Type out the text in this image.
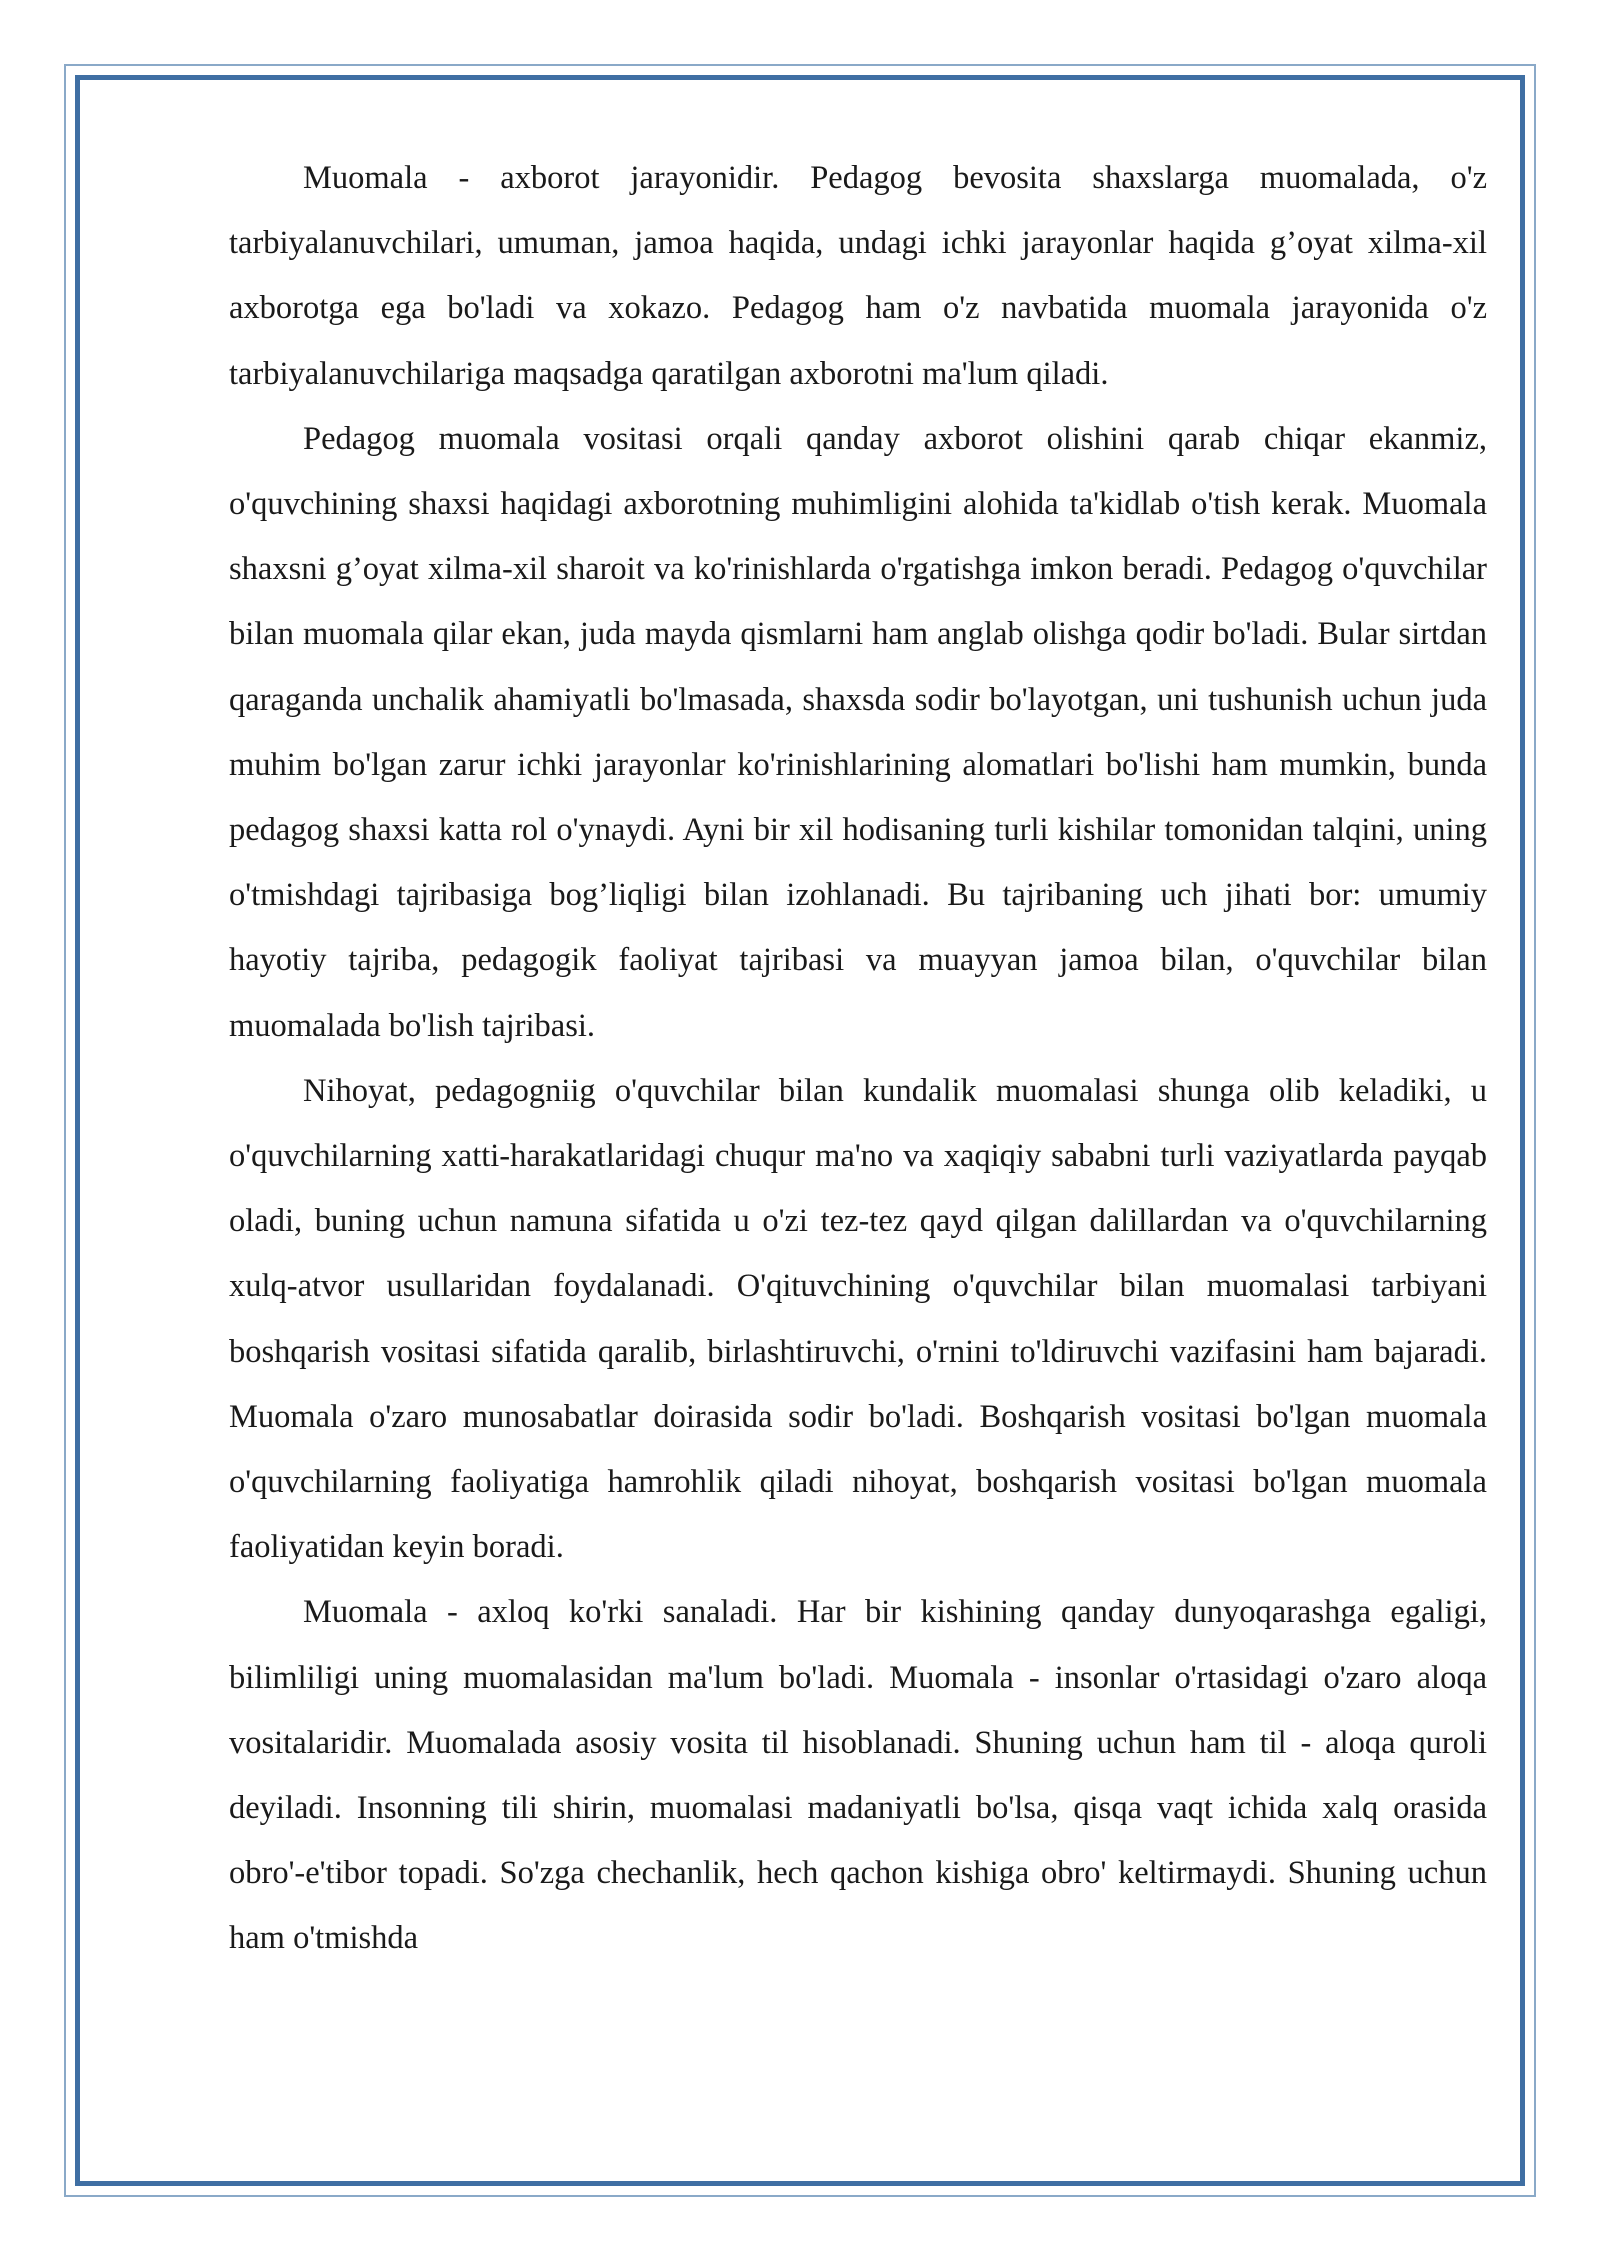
Muomala - axborot jarayonidir. Pedagog bevosita shaxslarga muomalada, o'z tarbiyalanuvchilari, umuman, jamoa haqida, undagi ichki jarayonlar haqida g’oyat xilma-xil axborotga ega bo'ladi va xokazo. Pedagog ham o'z navbatida muomala jarayonida o'z tarbiyalanuvchilariga maqsadga qaratilgan axborotni ma'lum qiladi.

Pedagog muomala vositasi orqali qanday axborot olishini qarab chiqar ekanmiz, o'quvchining shaxsi haqidagi axborotning muhimligini alohida ta'kidlab o'tish kerak. Muomala shaxsni g’oyat xilma-xil sharoit va ko'rinishlarda o'rgatishga imkon beradi. Pedagog o'quvchilar bilan muomala qilar ekan, juda mayda qismlarni ham anglab olishga qodir bo'ladi. Bular sirtdan qaraganda unchalik ahamiyatli bo'lmasada, shaxsda sodir bo'layotgan, uni tushunish uchun juda muhim bo'lgan zarur ichki jarayonlar ko'rinishlarining alomatlari bo'lishi ham mumkin, bunda pedagog shaxsi katta rol o'ynaydi. Ayni bir xil hodisaning turli kishilar tomonidan talqini, uning o'tmishdagi tajribasiga bog’liqligi bilan izohlanadi. Bu tajribaning uch jihati bor: umumiy hayotiy tajriba, pedagogik faoliyat tajribasi va muayyan jamoa bilan, o'quvchilar bilan muomalada bo'lish tajribasi.

Nihoyat, pedagogniig o'quvchilar bilan kundalik muomalasi shunga olib keladiki, u o'quvchilarning xatti-harakatlaridagi chuqur ma'no va xaqiqiy sababni turli vaziyatlarda payqab oladi, buning uchun namuna sifatida u o'zi tez-tez qayd qilgan dalillardan va o'quvchilarning xulq-atvor usullaridan foydalanadi. O'qituvchining o'quvchilar bilan muomalasi tarbiyani boshqarish vositasi sifatida qaralib, birlashtiruvchi, o'rnini to'ldiruvchi vazifasini ham bajaradi. Muomala o'zaro munosabatlar doirasida sodir bo'ladi. Boshqarish vositasi bo'lgan muomala o'quvchilarning faoliyatiga hamrohlik qiladi nihoyat, boshqarish vositasi bo'lgan muomala faoliyatidan keyin boradi.

Muomala - axloq ko'rki sanaladi. Har bir kishining qanday dunyoqarashga egaligi, bilimliligi uning muomalasidan ma'lum bo'ladi. Muomala - insonlar o'rtasidagi o'zaro aloqa vositalaridir. Muomalada asosiy vosita til hisoblanadi. Shuning uchun ham til - aloqa quroli deyiladi. Insonning tili shirin, muomalasi madaniyatli bo'lsa, qisqa vaqt ichida xalq orasida obro'-e'tibor topadi. So'zga chechanlik, hech qachon kishiga obro' keltirmaydi. Shuning uchun ham o'tmishda
